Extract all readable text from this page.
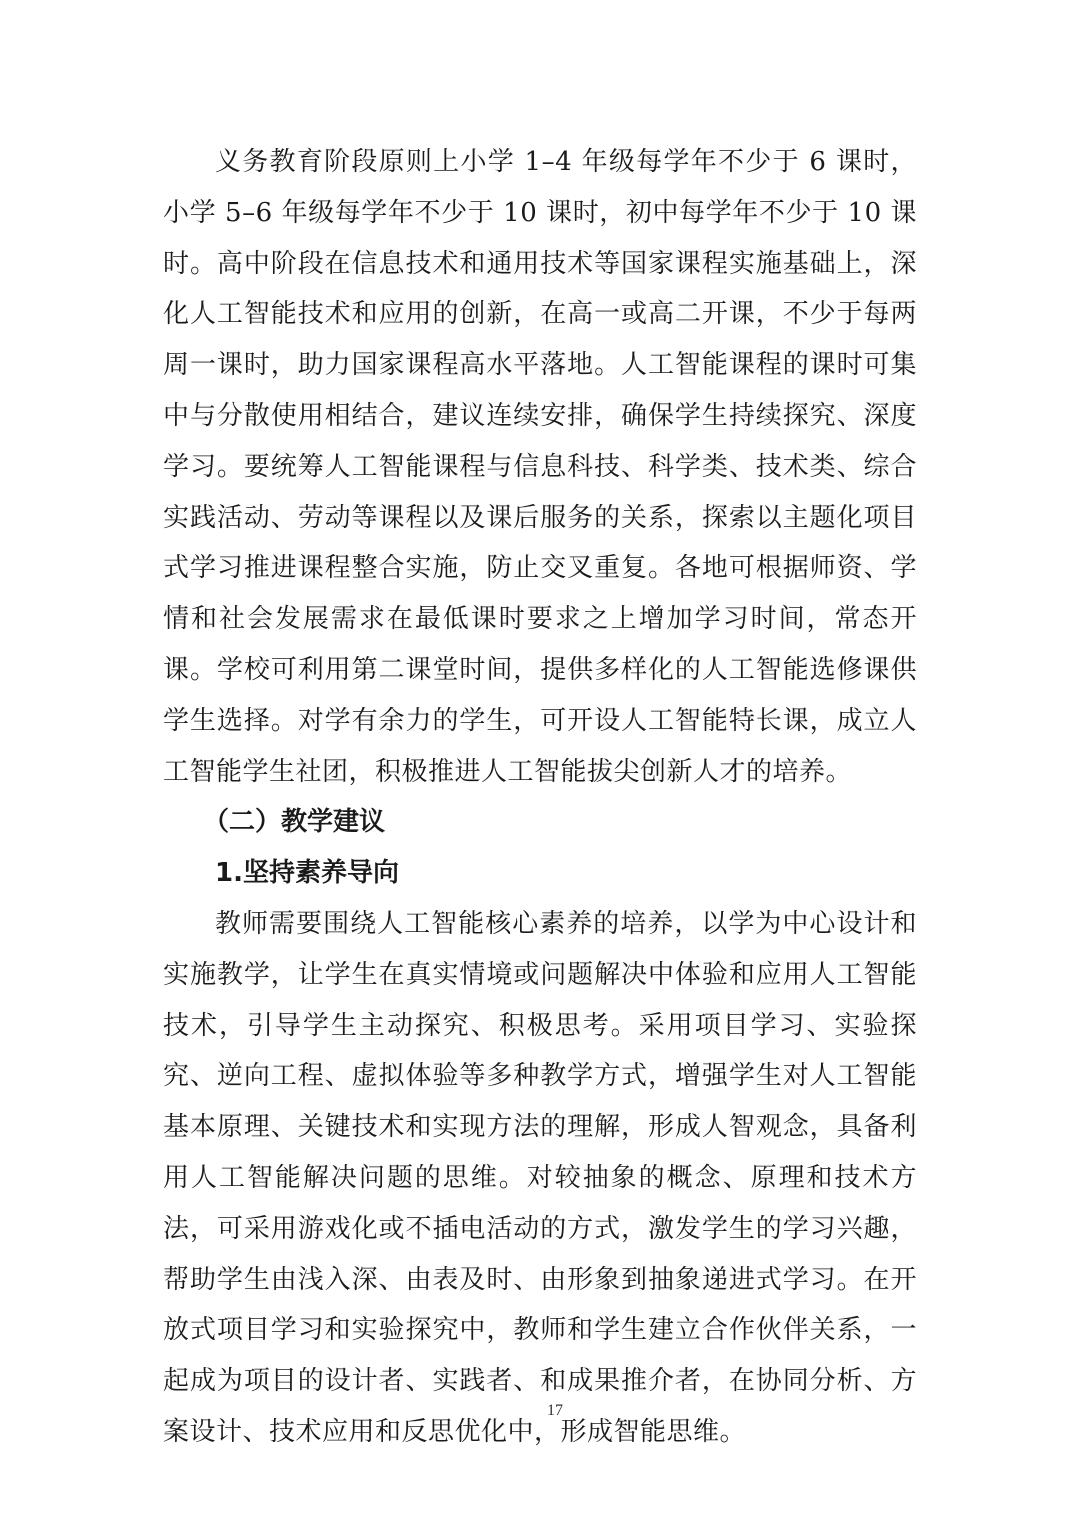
义务教育阶段原则上小学 1–4 年级每学年不少于 6 课时，小学 5–6 年级每学年不少于 10 课时，初中每学年不少于 10 课时。高中阶段在信息技术和通用技术等国家课程实施基础上，深化人工智能技术和应用的创新，在高一或高二开课，不少于每两周一课时，助力国家课程高水平落地。人工智能课程的课时可集中与分散使用相结合，建议连续安排，确保学生持续探究、深度学习。要统筹人工智能课程与信息科技、科学类、技术类、综合实践活动、劳动等课程以及课后服务的关系，探索以主题化项目式学习推进课程整合实施，防止交叉重复。各地可根据师资、学情和社会发展需求在最低课时要求之上增加学习时间，常态开课。学校可利用第二课堂时间，提供多样化的人工智能选修课供学生选择。对学有余力的学生，可开设人工智能特长课，成立人工智能学生社团，积极推进人工智能拔尖创新人才的培养。

（二）教学建议

1.坚持素养导向

教师需要围绕人工智能核心素养的培养，以学为中心设计和实施教学，让学生在真实情境或问题解决中体验和应用人工智能技术，引导学生主动探究、积极思考。采用项目学习、实验探究、逆向工程、虚拟体验等多种教学方式，增强学生对人工智能基本原理、关键技术和实现方法的理解，形成人智观念，具备利用人工智能解决问题的思维。对较抽象的概念、原理和技术方法，可采用游戏化或不插电活动的方式，激发学生的学习兴趣，帮助学生由浅入深、由表及时、由形象到抽象递进式学习。在开放式项目学习和实验探究中，教师和学生建立合作伙伴关系，一起成为项目的设计者、实践者、和成果推介者，在协同分析、方案设计、技术应用和反思优化中，形成智能思维。

17
